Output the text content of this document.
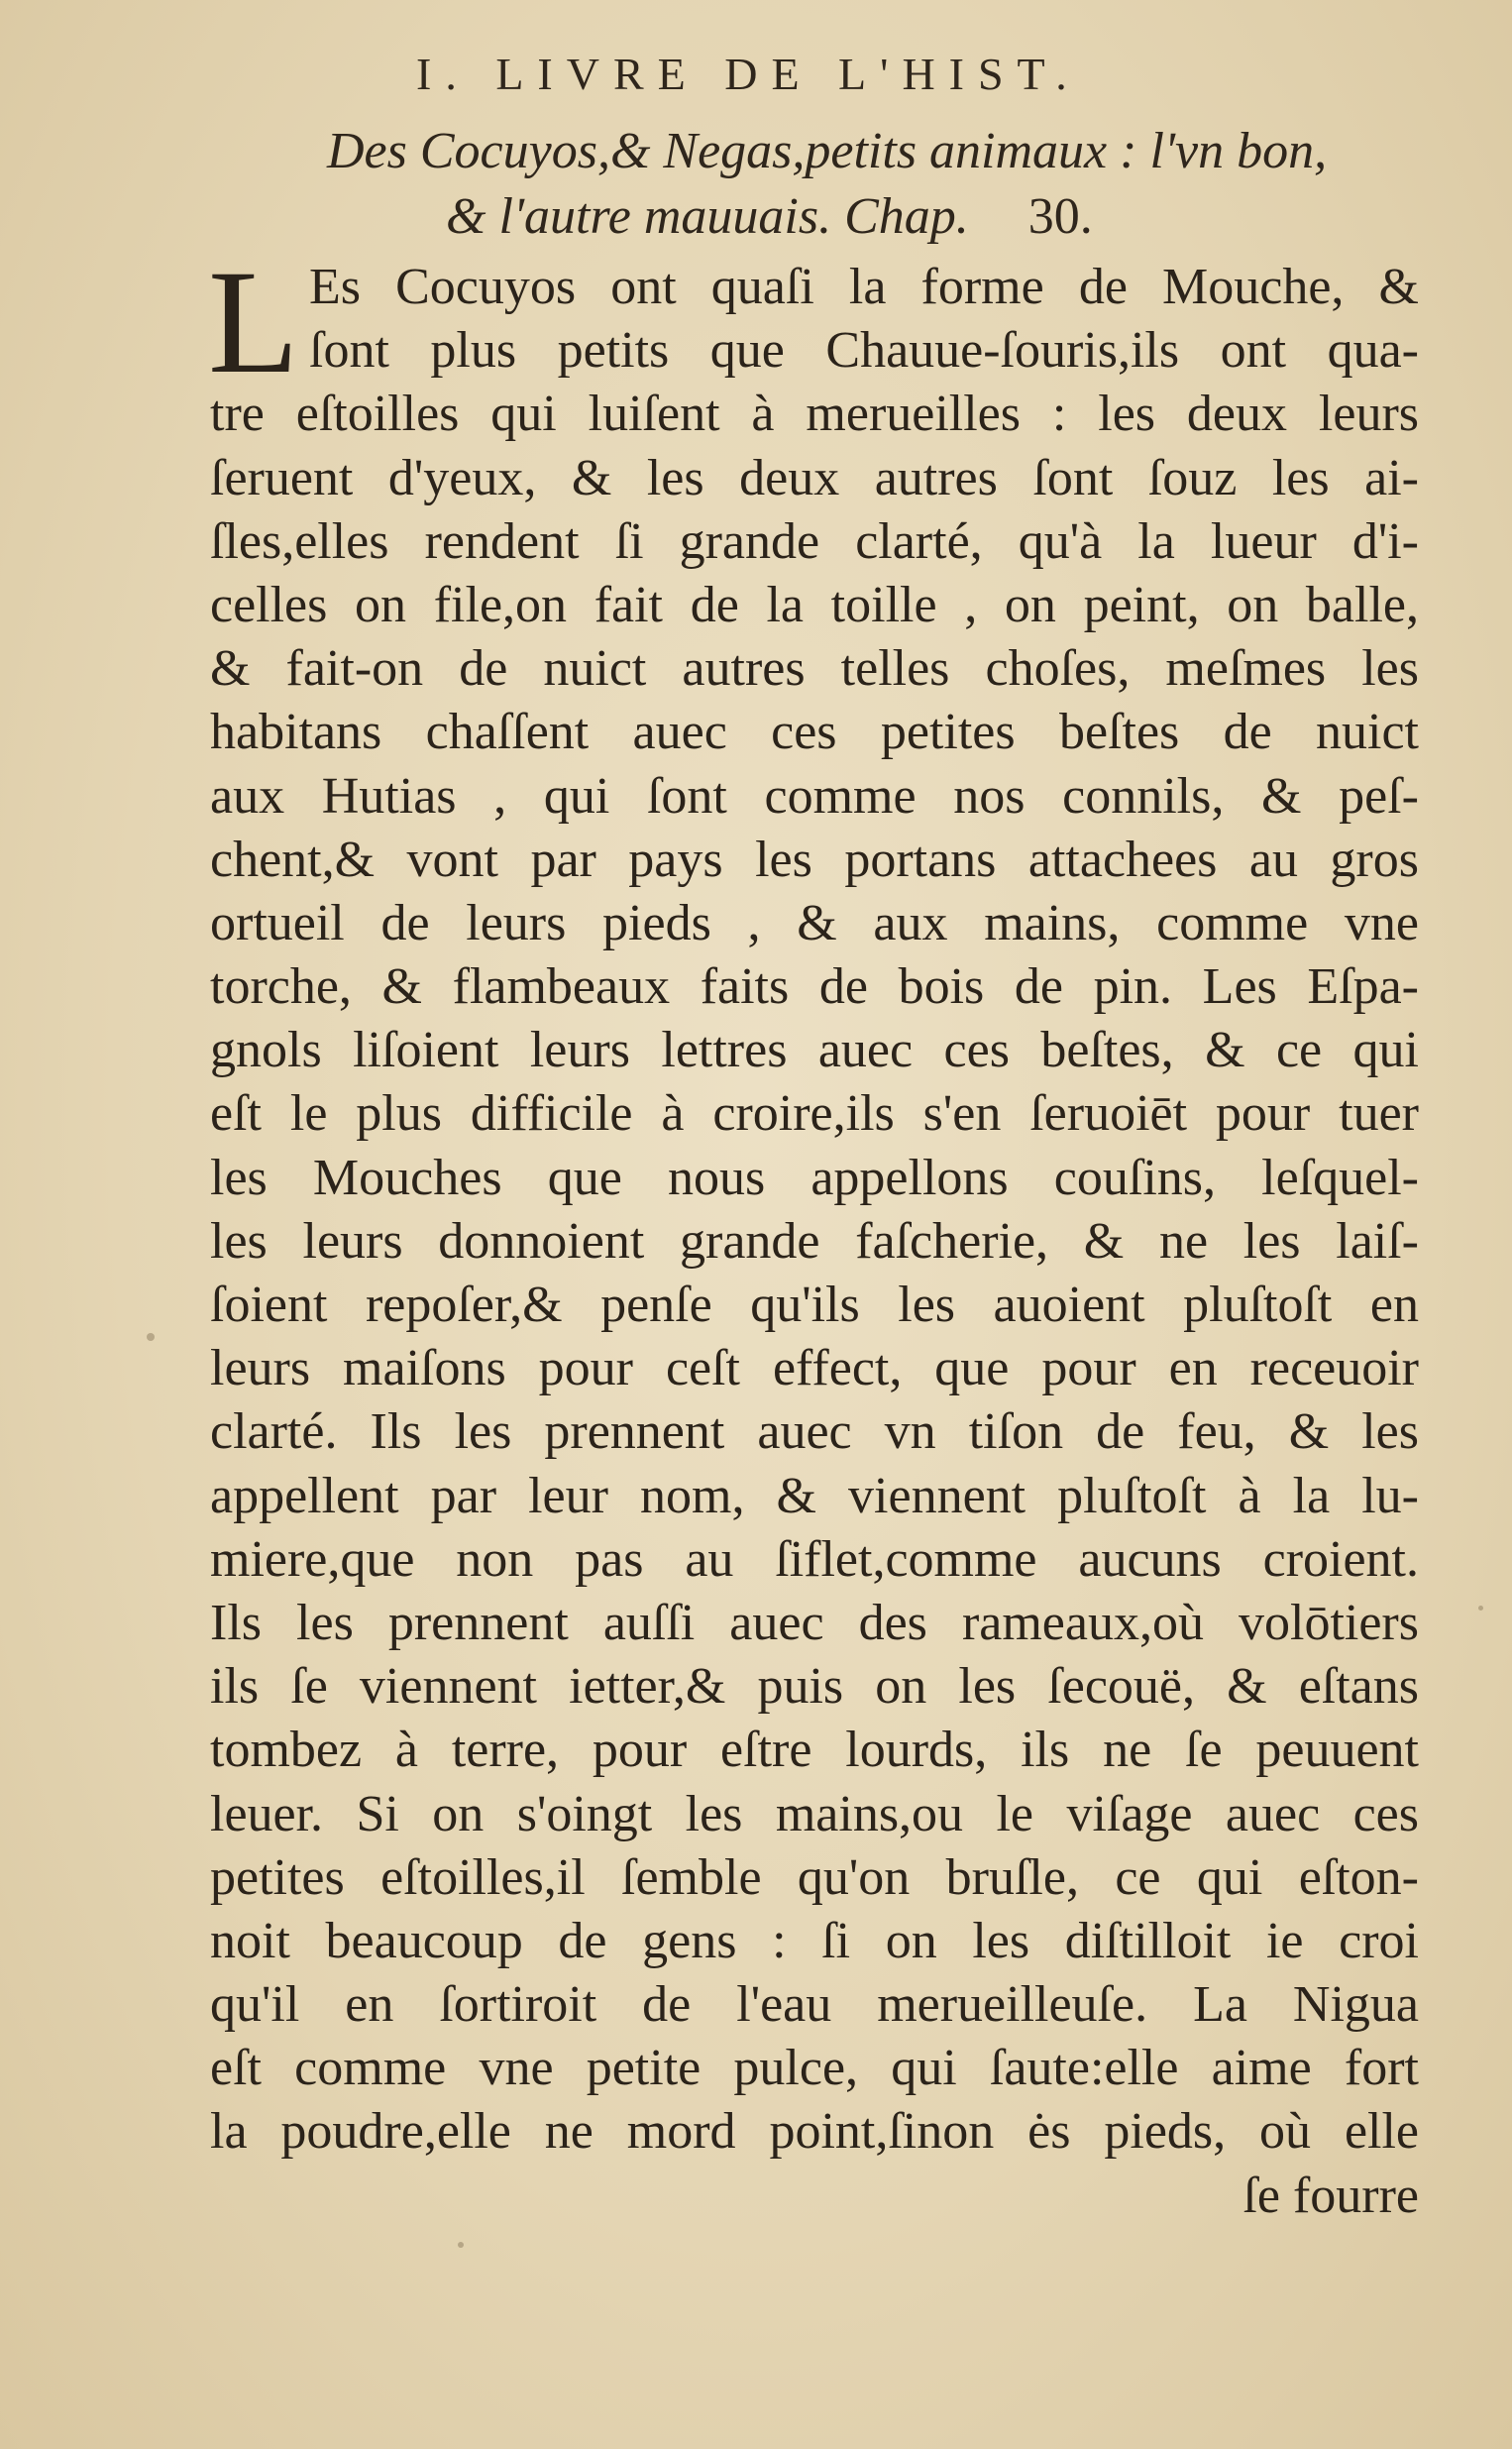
I. LIVRE DE L'HIST.
Des Cocuyos,& Negas,petits animaux : l'vn bon,
& l'autre mauuais. Chap. 30.
L Es Cocuyos ont quaſi la forme de Mouche, &
ſont plus petits que Chauue-ſouris,ils ont qua-
tre eſtoilles qui luiſent à merueilles : les deux leurs
ſeruent d'yeux, & les deux autres ſont ſouz les ai-
ſles,elles rendent ſi grande clarté, qu'à la lueur d'i-
celles on file,on fait de la toille , on peint, on balle,
& fait-on de nuict autres telles choſes, meſmes les
habitans chaſſent auec ces petites beſtes de nuict
aux Hutias , qui ſont comme nos connils, & peſ-
chent,& vont par pays les portans attachees au gros
ortueil de leurs pieds , & aux mains, comme vne
torche, & flambeaux faits de bois de pin. Les Eſpa-
gnols liſoient leurs lettres auec ces beſtes, & ce qui
eſt le plus difficile à croire,ils s'en ſeruoiēt pour tuer
les Mouches que nous appellons couſins, leſquel-
les leurs donnoient grande faſcherie, & ne les laiſ-
ſoient repoſer,& penſe qu'ils les auoient pluſtoſt en
leurs maiſons pour ceſt effect, que pour en receuoir
clarté. Ils les prennent auec vn tiſon de feu, & les
appellent par leur nom, & viennent pluſtoſt à la lu-
miere,que non pas au ſiflet,comme aucuns croient.
Ils les prennent auſſi auec des rameaux,où volōtiers
ils ſe viennent ietter,& puis on les ſecouë, & eſtans
tombez à terre, pour eſtre lourds, ils ne ſe peuuent
leuer. Si on s'oingt les mains,ou le viſage auec ces
petites eſtoilles,il ſemble qu'on bruſle, ce qui eſton-
noit beaucoup de gens : ſi on les diſtilloit ie croi
qu'il en ſortiroit de l'eau merueilleuſe. La Nigua
eſt comme vne petite pulce, qui ſaute:elle aime fort
la poudre,elle ne mord point,ſinon ės pieds, où elle
ſe fourre
